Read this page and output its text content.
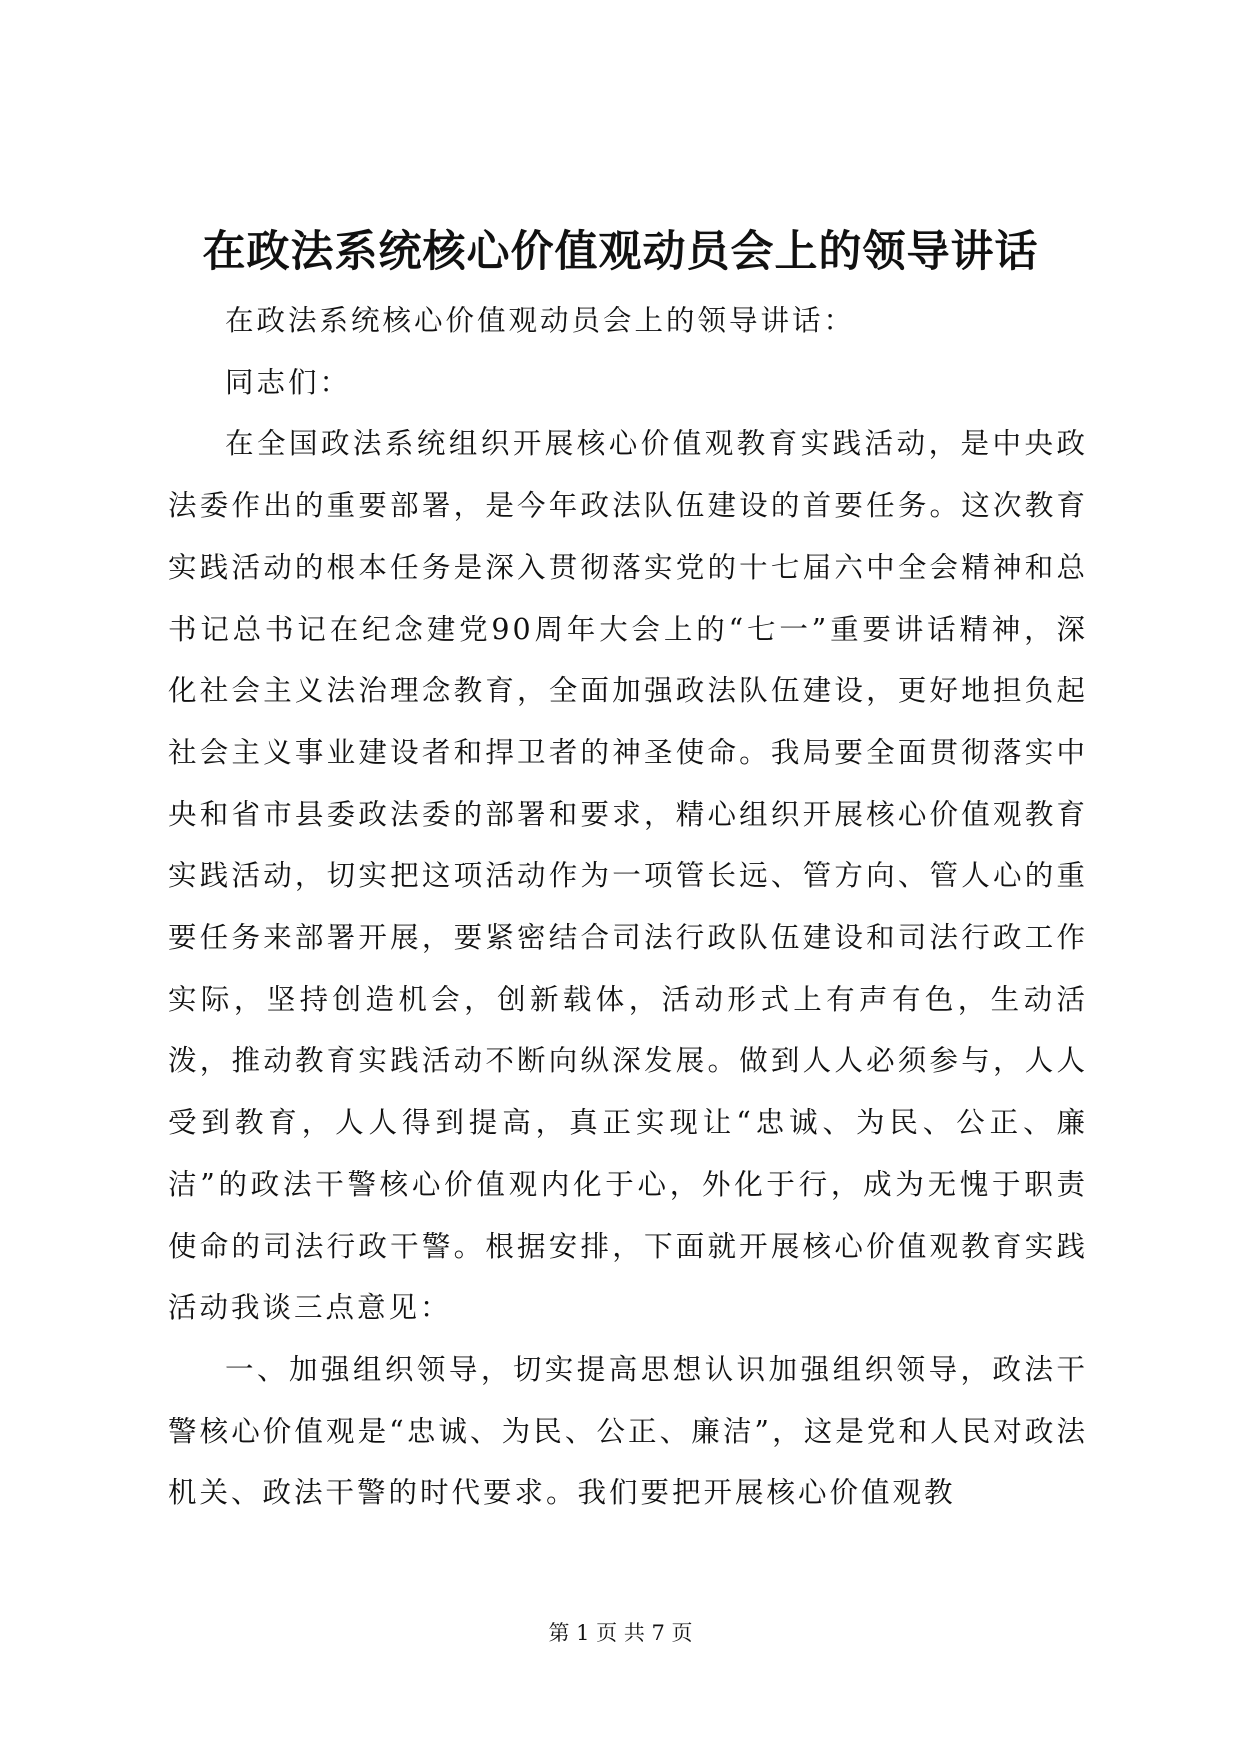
在政法系统核心价值观动员会上的领导讲话

在政法系统核心价值观动员会上的领导讲话：

同志们：

在全国政法系统组织开展核心价值观教育实践活动，是中央政法委作出的重要部署，是今年政法队伍建设的首要任务。这次教育实践活动的根本任务是深入贯彻落实党的十七届六中全会精神和总书记总书记在纪念建党90周年大会上的“七一”重要讲话精神，深化社会主义法治理念教育，全面加强政法队伍建设，更好地担负起社会主义事业建设者和捍卫者的神圣使命。我局要全面贯彻落实中央和省市县委政法委的部署和要求，精心组织开展核心价值观教育实践活动，切实把这项活动作为一项管长远、管方向、管人心的重要任务来部署开展，要紧密结合司法行政队伍建设和司法行政工作实际，坚持创造机会，创新载体，活动形式上有声有色，生动活泼，推动教育实践活动不断向纵深发展。做到人人必须参与，人人受到教育，人人得到提高，真正实现让“忠诚、为民、公正、廉洁”的政法干警核心价值观内化于心，外化于行，成为无愧于职责使命的司法行政干警。根据安排，下面就开展核心价值观教育实践活动我谈三点意见：

一、加强组织领导，切实提高思想认识加强组织领导，政法干警核心价值观是“忠诚、为民、公正、廉洁”，这是党和人民对政法机关、政法干警的时代要求。我们要把开展核心价值观教

第 1 页 共 7 页
